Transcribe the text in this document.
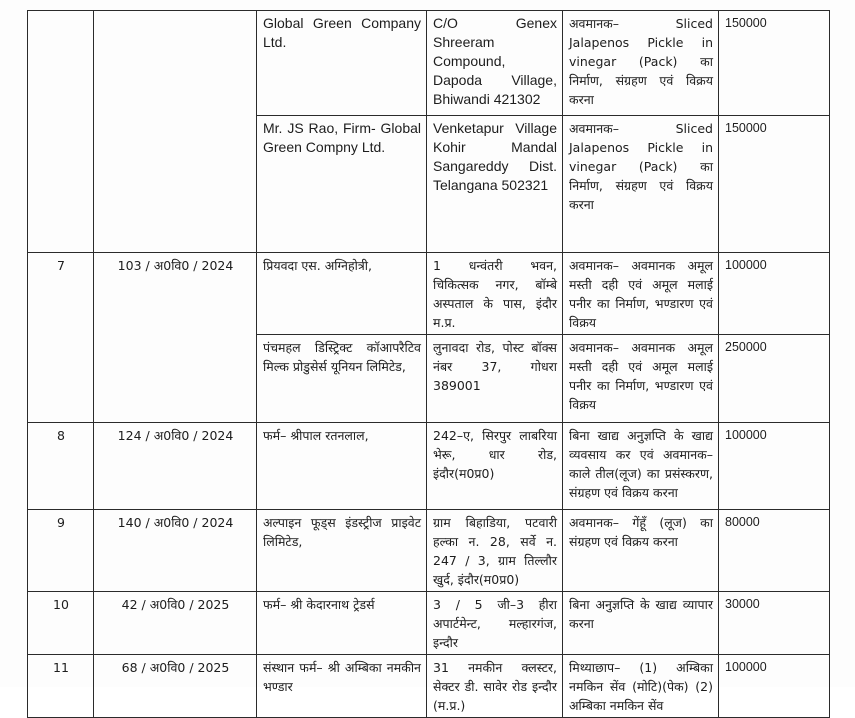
		Global Green Company Ltd.	C/O Genex Shreeram Compound, Dapoda Village, Bhiwandi 421302	अवमानक– Sliced Jalapenos Pickle in vinegar (Pack) का निर्माण, संग्रहण एवं विक्रय करना	150000
		Mr. JS Rao, Firm- Global Green Compny Ltd.	Venketapur Village Kohir Mandal Sangareddy Dist. Telangana 502321	अवमानक– Sliced Jalapenos Pickle in vinegar (Pack) का निर्माण, संग्रहण एवं विक्रय करना	150000
7	103 / अ0वि0 / 2024	प्रियवदा एस. अग्निहोत्री,	1 धन्वंतरी भवन, चिकित्सक नगर, बॉम्बे अस्पताल के पास, इंदौर म.प्र.	अवमानक– अवमानक अमूल मस्ती दही एवं अमूल मलाई पनीर का निर्माण, भण्डारण एवं विक्रय	100000
		पंचमहल डिस्ट्रिक्ट कॉआपरैटिव मिल्क प्रोडुसेर्स यूनियन लिमिटेड,	लुनावदा रोड, पोस्ट बॉक्स नंबर 37, गोधरा 389001	अवमानक– अवमानक अमूल मस्ती दही एवं अमूल मलाई पनीर का निर्माण, भण्डारण एवं विक्रय	250000
8	124 / अ0वि0 / 2024	फर्म– श्रीपाल रतनलाल,	242–ए, सिरपुर लाबरिया भेरू, धार रोड, इंदौर(म0प्र0)	बिना खाद्य अनुज्ञप्ति के खाद्य व्यवसाय कर एवं अवमानक– काले तील(लूज) का प्रसंस्करण, संग्रहण एवं विक्रय करना	100000
9	140 / अ0वि0 / 2024	अल्पाइन फूड्स इंडस्ट्रीज प्राइवेट लिमिटेड,	ग्राम बिहाडिया, पटवारी हल्का न. 28, सर्वे न. 247 / 3, ग्राम तिल्लौर खुर्द, इंदौर(म0प्र0)	अवमानक– गेंहूँ (लूज) का संग्रहण एवं विक्रय करना	80000
10	42 / अ0वि0 / 2025	फर्म– श्री केदारनाथ ट्रेडर्स	3 / 5 जी–3 हीरा अपार्टमेन्ट, मल्हारगंज, इन्दौर	बिना अनुज्ञप्ति के खाद्य व्यापार करना	30000
11	68 / अ0वि0 / 2025	संस्थान फर्म– श्री अम्बिका नमकीन भण्डार	31 नमकीन क्लस्टर, सेक्टर डी. सावेर रोड इन्दौर (म.प्र.)	मिथ्याछाप– (1) अम्बिका नमकिन सेंव (मोटि)(पेक) (2) अम्बिका नमकिन सेंव	100000
